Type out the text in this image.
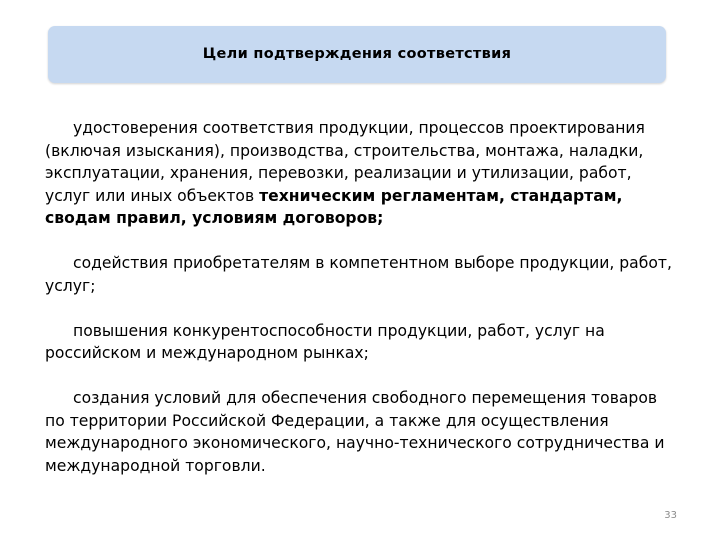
Цели подтверждения соответствия

удостоверения соответствия продукции, процессов проектирования (включая изыскания), производства, строительства, монтажа, наладки, эксплуатации, хранения, перевозки, реализации и утилизации, работ, услуг или иных объектов техническим регламентам, стандартам, сводам правил, условиям договоров;

содействия приобретателям в компетентном выборе продукции, работ, услуг;

повышения конкурентоспособности продукции, работ, услуг на российском и международном рынках;

создания условий для обеспечения свободного перемещения товаров по территории Российской Федерации, а также для осуществления международного экономического, научно-технического сотрудничества и международной торговли.

33
